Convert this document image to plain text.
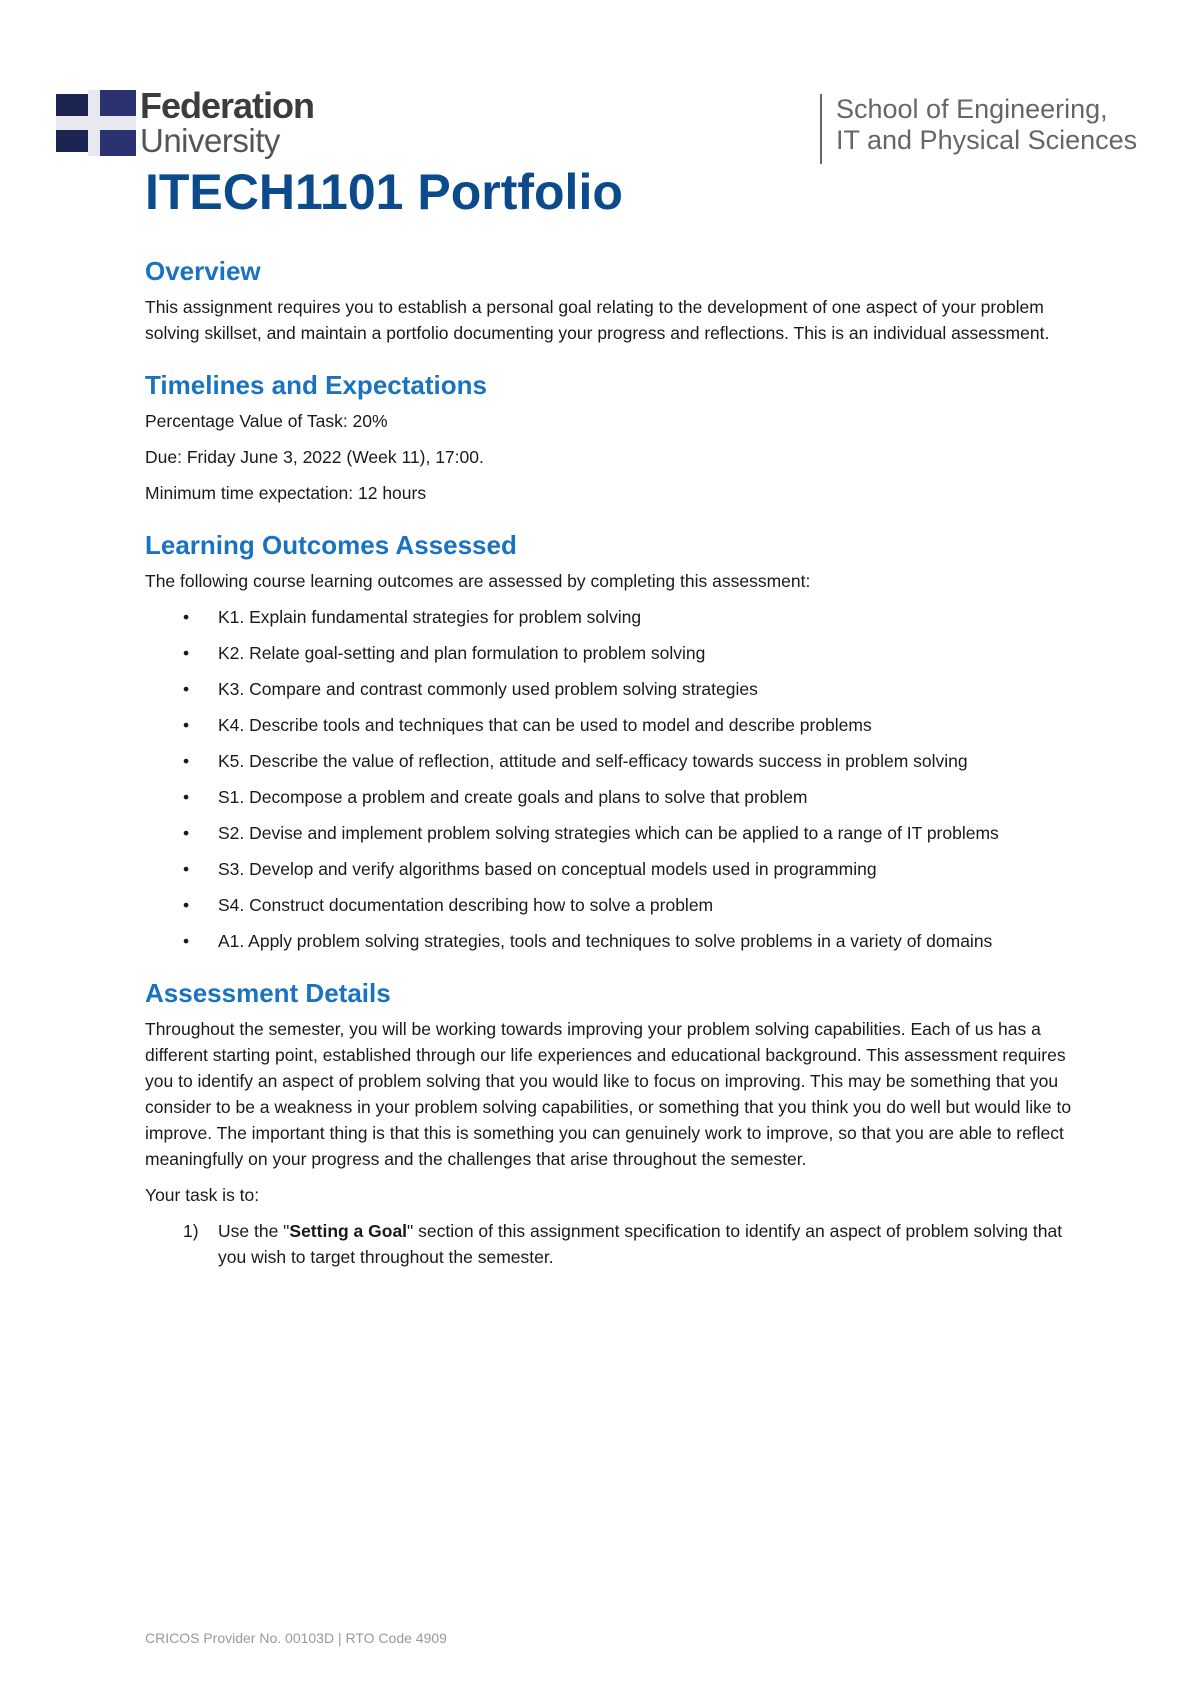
Federation
University
School of Engineering,
IT and Physical Sciences
ITECH1101 Portfolio
Overview

This assignment requires you to establish a personal goal relating to the development of one aspect of your problem solving skillset, and maintain a portfolio documenting your progress and reflections. This is an individual assessment.

Timelines and Expectations

Percentage Value of Task: 20%

Due: Friday June 3, 2022 (Week 11), 17:00.

Minimum time expectation: 12 hours

Learning Outcomes Assessed

The following course learning outcomes are assessed by completing this assessment:

• K1. Explain fundamental strategies for problem solving
• K2. Relate goal-setting and plan formulation to problem solving
• K3. Compare and contrast commonly used problem solving strategies
• K4. Describe tools and techniques that can be used to model and describe problems
• K5. Describe the value of reflection, attitude and self-efficacy towards success in problem solving
• S1. Decompose a problem and create goals and plans to solve that problem
• S2. Devise and implement problem solving strategies which can be applied to a range of IT problems
• S3. Develop and verify algorithms based on conceptual models used in programming
• S4. Construct documentation describing how to solve a problem
• A1. Apply problem solving strategies, tools and techniques to solve problems in a variety of domains
Assessment Details

Throughout the semester, you will be working towards improving your problem solving capabilities. Each of us has a different starting point, established through our life experiences and educational background. This assessment requires you to identify an aspect of problem solving that you would like to focus on improving. This may be something that you consider to be a weakness in your problem solving capabilities, or something that you think you do well but would like to improve. The important thing is that this is something you can genuinely work to improve, so that you are able to reflect meaningfully on your progress and the challenges that arise throughout the semester.

Your task is to:

1) Use the "Setting a Goal" section of this assignment specification to identify an aspect of problem solving that you wish to target throughout the semester.
CRICOS Provider No. 00103D | RTO Code 4909
